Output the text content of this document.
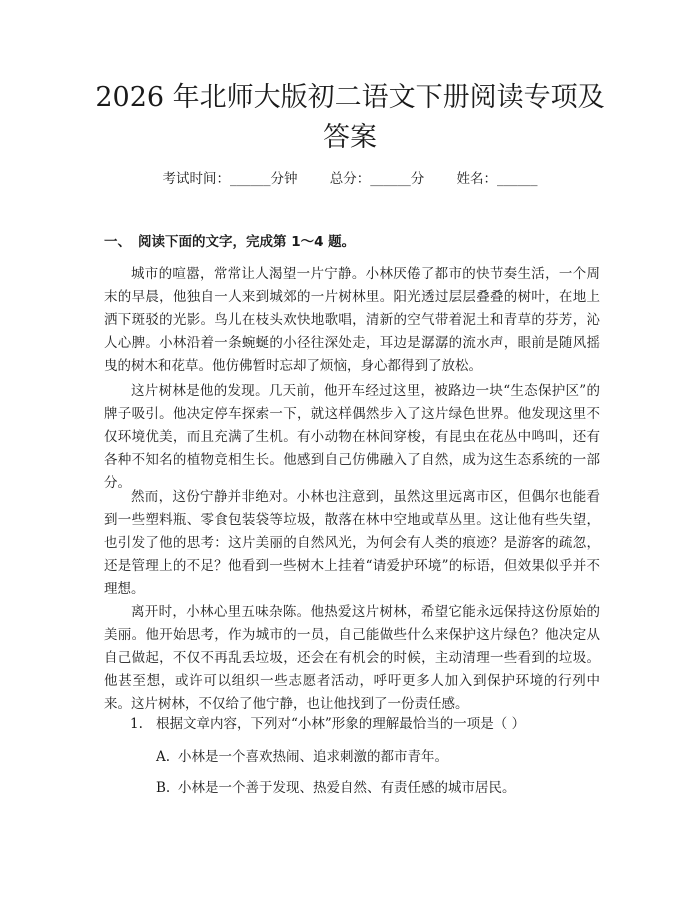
2026 年北师大版初二语文下册阅读专项及答案
考试时间：______分钟 总分：______分 姓名：______
一、 阅读下面的文字，完成第 1～4 题。

城市的喧嚣，常常让人渴望一片宁静。小林厌倦了都市的快节奏生活，一个周末的早晨，他独自一人来到城郊的一片树林里。阳光透过层层叠叠的树叶，在地上洒下斑驳的光影。鸟儿在枝头欢快地歌唱，清新的空气带着泥土和青草的芬芳，沁人心脾。小林沿着一条蜿蜒的小径往深处走，耳边是潺潺的流水声，眼前是随风摇曳的树木和花草。他仿佛暂时忘却了烦恼，身心都得到了放松。

这片树林是他的发现。几天前，他开车经过这里，被路边一块“生态保护区”的牌子吸引。他决定停车探索一下，就这样偶然步入了这片绿色世界。他发现这里不仅环境优美，而且充满了生机。有小动物在林间穿梭，有昆虫在花丛中鸣叫，还有各种不知名的植物竞相生长。他感到自己仿佛融入了自然，成为这生态系统的一部分。

然而，这份宁静并非绝对。小林也注意到，虽然这里远离市区，但偶尔也能看到一些塑料瓶、零食包装袋等垃圾，散落在林中空地或草丛里。这让他有些失望，也引发了他的思考：这片美丽的自然风光，为何会有人类的痕迹？是游客的疏忽，还是管理上的不足？他看到一些树木上挂着“请爱护环境”的标语，但效果似乎并不理想。

离开时，小林心里五味杂陈。他热爱这片树林，希望它能永远保持这份原始的美丽。他开始思考，作为城市的一员，自己能做些什么来保护这片绿色？他决定从自己做起，不仅不再乱丢垃圾，还会在有机会的时候，主动清理一些看到的垃圾。他甚至想，或许可以组织一些志愿者活动，呼吁更多人加入到保护环境的行列中来。这片树林，不仅给了他宁静，也让他找到了一份责任感。

1. 根据文章内容，下列对“小林”形象的理解最恰当的一项是（ ）

A. 小林是一个喜欢热闹、追求刺激的都市青年。

B. 小林是一个善于发现、热爱自然、有责任感的城市居民。
